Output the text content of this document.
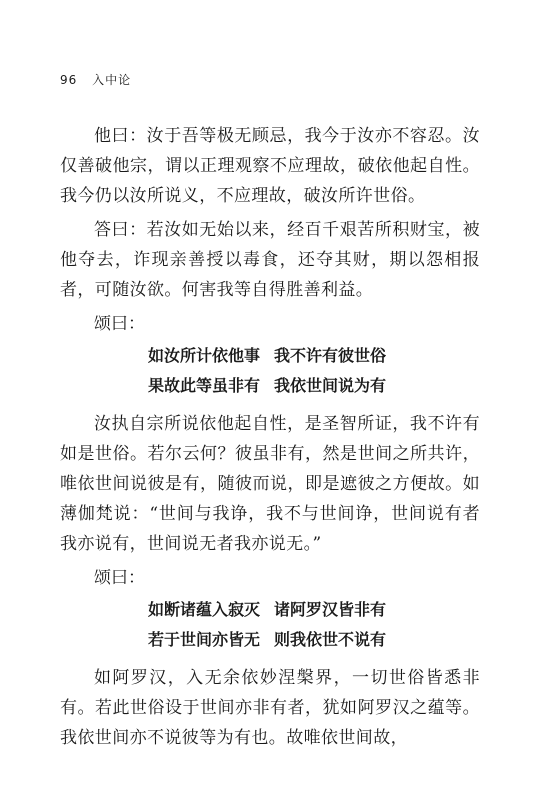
96 入中论

他曰：汝于吾等极无顾忌，我今于汝亦不容忍。汝仅善破他宗，谓以正理观察不应理故，破依他起自性。我今仍以汝所说义，不应理故，破汝所许世俗。

答曰：若汝如无始以来，经百千艰苦所积财宝，被他夺去，诈现亲善授以毒食，还夺其财，期以怨相报者，可随汝欲。何害我等自得胜善利益。

颂曰：

如汝所计依他事 我不许有彼世俗
果故此等虽非有 我依世间说为有

汝执自宗所说依他起自性，是圣智所证，我不许有如是世俗。若尔云何？彼虽非有，然是世间之所共许，唯依世间说彼是有，随彼而说，即是遮彼之方便故。如薄伽梵说：“世间与我诤，我不与世间诤，世间说有者我亦说有，世间说无者我亦说无。”

颂曰：

如断诸蕴入寂灭 诸阿罗汉皆非有
若于世间亦皆无 则我依世不说有

如阿罗汉，入无余依妙涅槃界，一切世俗皆悉非有。若此世俗设于世间亦非有者，犹如阿罗汉之蕴等。我依世间亦不说彼等为有也。故唯依世间故，
